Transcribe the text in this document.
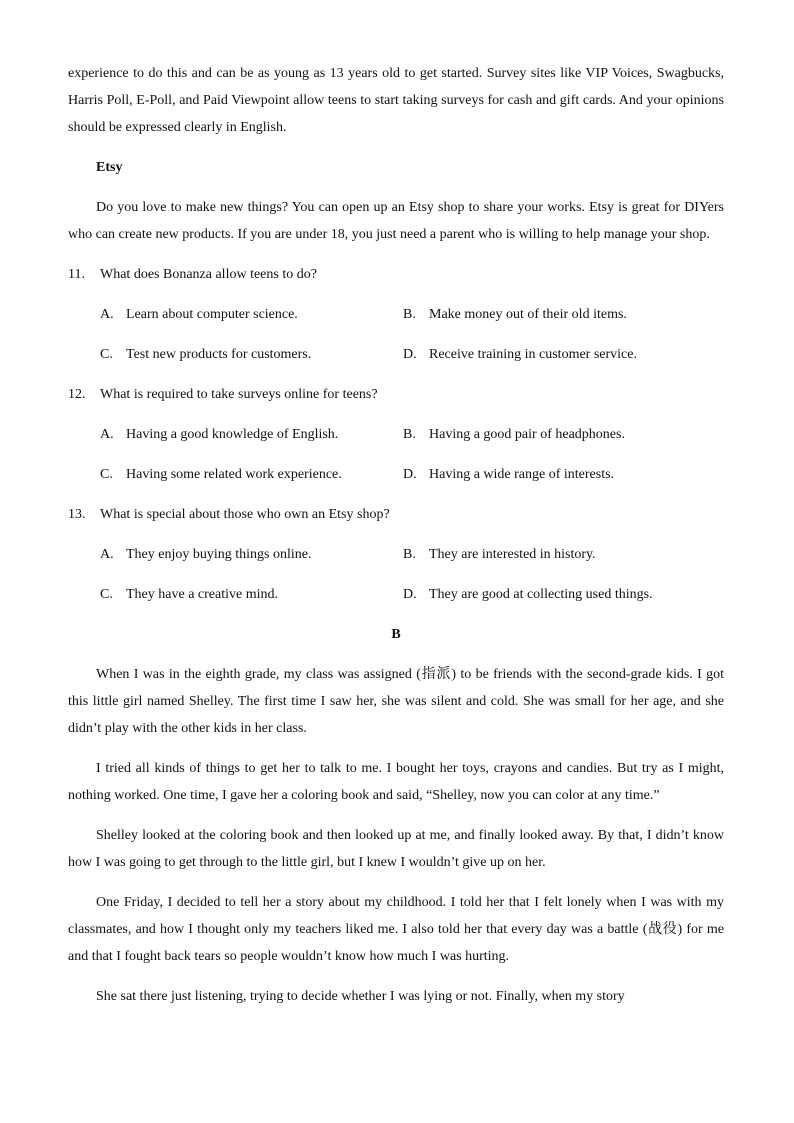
experience to do this and can be as young as 13 years old to get started. Survey sites like VIP Voices, Swagbucks, Harris Poll, E-Poll, and Paid Viewpoint allow teens to start taking surveys for cash and gift cards. And your opinions should be expressed clearly in English.

Etsy

Do you love to make new things? You can open up an Etsy shop to share your works. Etsy is great for DIYers who can create new products. If you are under 18, you just need a parent who is willing to help manage your shop.

11. What does Bonanza allow teens to do?
A. Learn about computer science.	B. Make money out of their old items.
C. Test new products for customers.	D. Receive training in customer service.
12. What is required to take surveys online for teens?
A. Having a good knowledge of English.	B. Having a good pair of headphones.
C. Having some related work experience.	D. Having a wide range of interests.
13. What is special about those who own an Etsy shop?
A. They enjoy buying things online.	B. They are interested in history.
C. They have a creative mind.	D. They are good at collecting used things.
B

When I was in the eighth grade, my class was assigned (指派) to be friends with the second-grade kids. I got this little girl named Shelley. The first time I saw her, she was silent and cold. She was small for her age, and she didn’t play with the other kids in her class.

I tried all kinds of things to get her to talk to me. I bought her toys, crayons and candies. But try as I might, nothing worked. One time, I gave her a coloring book and said, “Shelley, now you can color at any time.”

Shelley looked at the coloring book and then looked up at me, and finally looked away. By that, I didn’t know how I was going to get through to the little girl, but I knew I wouldn’t give up on her.

One Friday, I decided to tell her a story about my childhood. I told her that I felt lonely when I was with my classmates, and how I thought only my teachers liked me. I also told her that every day was a battle (战役) for me and that I fought back tears so people wouldn’t know how much I was hurting.

She sat there just listening, trying to decide whether I was lying or not. Finally, when my story
